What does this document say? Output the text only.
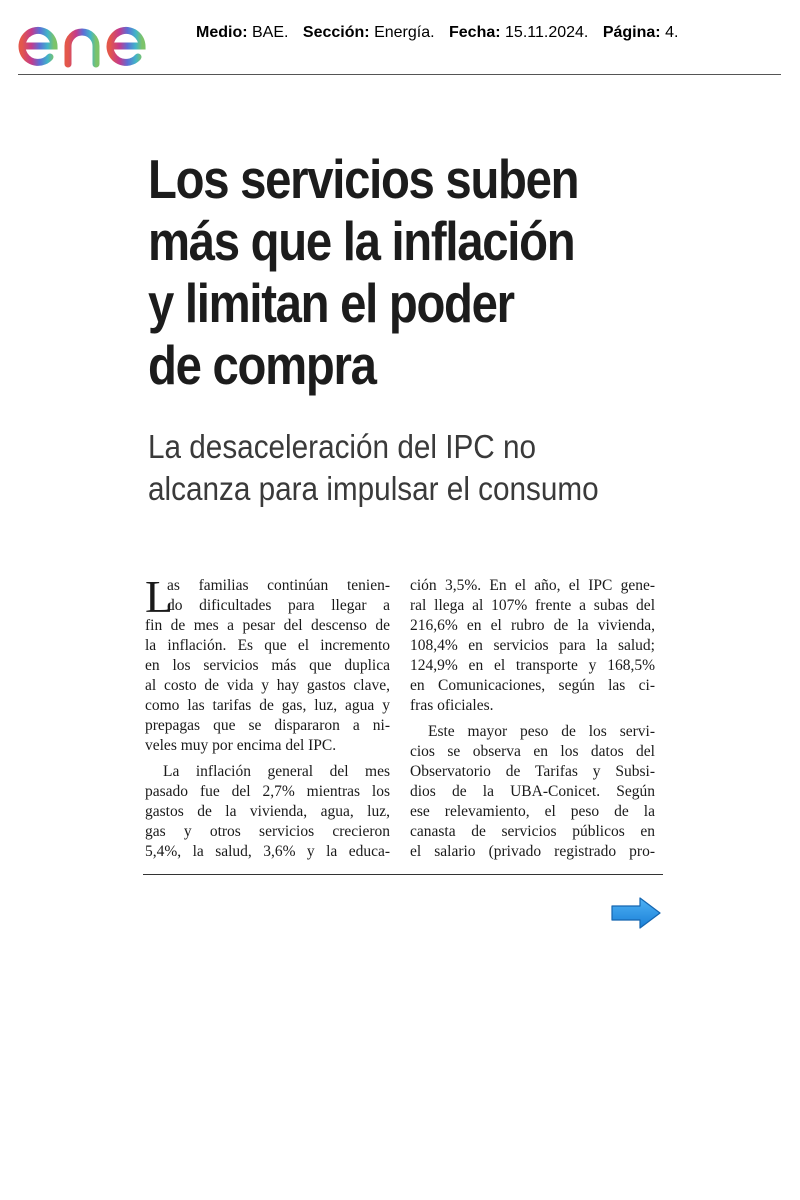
Medio: BAE. Sección: Energía. Fecha: 15.11.2024. Página: 4.
Los servicios suben
más que la inflación
y limitan el poder
de compra
La desaceleración del IPC no
alcanza para impulsar el consumo
L
as familias continúan tenien-
do dificultades para llegar a
fin de mes a pesar del descenso de
la inflación. Es que el incremento
en los servicios más que duplica
al costo de vida y hay gastos clave,
como las tarifas de gas, luz, agua y
prepagas que se dispararon a ni-
veles muy por encima del IPC.
La inflación general del mes
pasado fue del 2,7% mientras los
gastos de la vivienda, agua, luz,
gas y otros servicios crecieron
5,4%, la salud, 3,6% y la educa-
ción 3,5%. En el año, el IPC gene-
ral llega al 107% frente a subas del
216,6% en el rubro de la vivienda,
108,4% en servicios para la salud;
124,9% en el transporte y 168,5%
en Comunicaciones, según las ci-
fras oficiales.
Este mayor peso de los servi-
cios se observa en los datos del
Observatorio de Tarifas y Subsi-
dios de la UBA-Conicet. Según
ese relevamiento, el peso de la
canasta de servicios públicos en
el salario (privado registrado pro-
